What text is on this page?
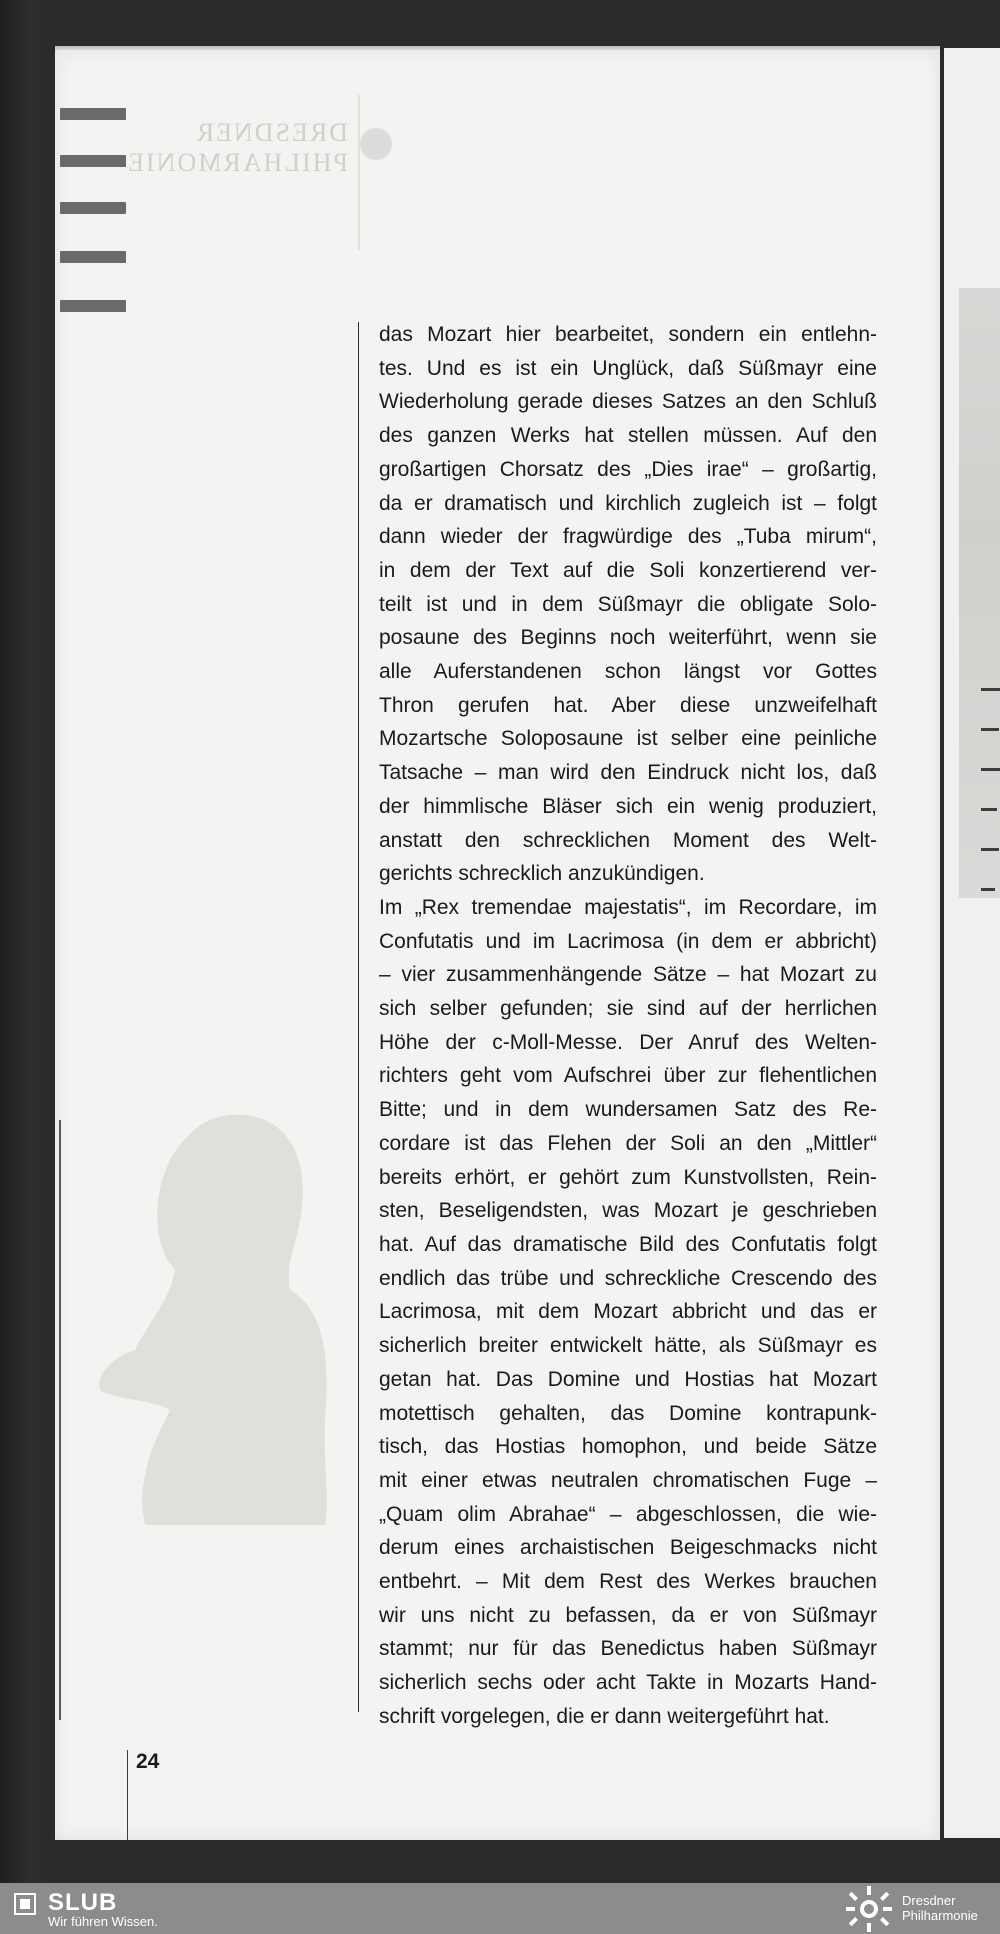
DRESDNER
PHILHARMONIE
das Mozart hier bearbeitet, sondern ein entlehn-
tes. Und es ist ein Unglück, daß Süßmayr eine
Wiederholung gerade dieses Satzes an den Schluß
des ganzen Werks hat stellen müssen. Auf den
großartigen Chorsatz des „Dies irae“ – großartig,
da er dramatisch und kirchlich zugleich ist – folgt
dann wieder der fragwürdige des „Tuba mirum“,
in dem der Text auf die Soli konzertierend ver-
teilt ist und in dem Süßmayr die obligate Solo-
posaune des Beginns noch weiterführt, wenn sie
alle Auferstandenen schon längst vor Gottes
Thron gerufen hat. Aber diese unzweifelhaft
Mozartsche Soloposaune ist selber eine peinliche
Tatsache – man wird den Eindruck nicht los, daß
der himmlische Bläser sich ein wenig produziert,
anstatt den schrecklichen Moment des Welt-
gerichts schrecklich anzukündigen.
Im „Rex tremendae majestatis“, im Recordare, im
Confutatis und im Lacrimosa (in dem er abbricht)
– vier zusammenhängende Sätze – hat Mozart zu
sich selber gefunden; sie sind auf der herrlichen
Höhe der c-Moll-Messe. Der Anruf des Welten-
richters geht vom Aufschrei über zur flehentlichen
Bitte; und in dem wundersamen Satz des Re-
cordare ist das Flehen der Soli an den „Mittler“
bereits erhört, er gehört zum Kunstvollsten, Rein-
sten, Beseligendsten, was Mozart je geschrieben
hat. Auf das dramatische Bild des Confutatis folgt
endlich das trübe und schreckliche Crescendo des
Lacrimosa, mit dem Mozart abbricht und das er
sicherlich breiter entwickelt hätte, als Süßmayr es
getan hat. Das Domine und Hostias hat Mozart
motettisch gehalten, das Domine kontrapunk-
tisch, das Hostias homophon, und beide Sätze
mit einer etwas neutralen chromatischen Fuge –
„Quam olim Abrahae“ – abgeschlossen, die wie-
derum eines archaistischen Beigeschmacks nicht
entbehrt. – Mit dem Rest des Werkes brauchen
wir uns nicht zu befassen, da er von Süßmayr
stammt; nur für das Benedictus haben Süßmayr
sicherlich sechs oder acht Takte in Mozarts Hand-
schrift vorgelegen, die er dann weitergeführt hat.
24
SLUB
Wir führen Wissen.
Dresdner
Philharmonie
